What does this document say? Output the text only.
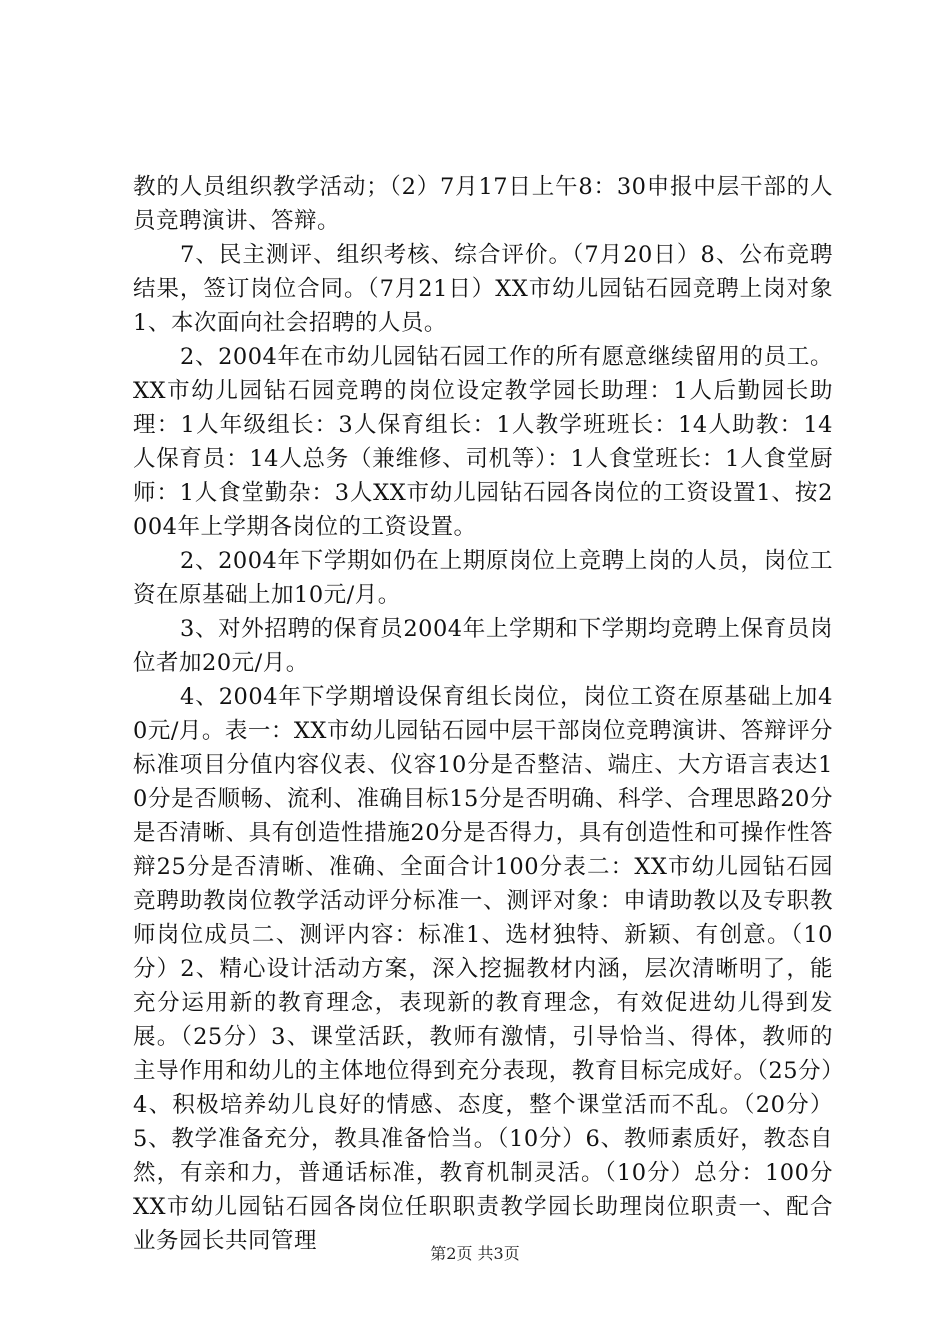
教的人员组织教学活动；（2）7月17日上午8：30申报中层干部的人员竞聘演讲、答辩。

7、民主测评、组织考核、综合评价。（7月20日）8、公布竞聘结果，签订岗位合同。（7月21日）XX市幼儿园钻石园竞聘上岗对象1、本次面向社会招聘的人员。

2、2004年在市幼儿园钻石园工作的所有愿意继续留用的员工。XX市幼儿园钻石园竞聘的岗位设定教学园长助理：1人后勤园长助理：1人年级组长：3人保育组长：1人教学班班长：14人助教：14人保育员：14人总务（兼维修、司机等）：1人食堂班长：1人食堂厨师：1人食堂勤杂：3人XX市幼儿园钻石园各岗位的工资设置1、按2004年上学期各岗位的工资设置。

2、2004年下学期如仍在上期原岗位上竞聘上岗的人员，岗位工资在原基础上加10元/月。

3、对外招聘的保育员2004年上学期和下学期均竞聘上保育员岗位者加20元/月。

4、2004年下学期增设保育组长岗位，岗位工资在原基础上加40元/月。表一：XX市幼儿园钻石园中层干部岗位竞聘演讲、答辩评分标准项目分值内容仪表、仪容10分是否整洁、端庄、大方语言表达10分是否顺畅、流利、准确目标15分是否明确、科学、合理思路20分是否清晰、具有创造性措施20分是否得力，具有创造性和可操作性答辩25分是否清晰、准确、全面合计100分表二：XX市幼儿园钻石园竞聘助教岗位教学活动评分标准一、测评对象：申请助教以及专职教师岗位成员二、测评内容：标准1、选材独特、新颖、有创意。（10分）2、精心设计活动方案，深入挖掘教材内涵，层次清晰明了，能充分运用新的教育理念，表现新的教育理念，有效促进幼儿得到发展。（25分）3、课堂活跃，教师有激情，引导恰当、得体，教师的主导作用和幼儿的主体地位得到充分表现，教育目标完成好。（25分）4、积极培养幼儿良好的情感、态度，整个课堂活而不乱。（20分）5、教学准备充分，教具准备恰当。（10分）6、教师素质好，教态自然，有亲和力，普通话标准，教育机制灵活。（10分）总分：100分XX市幼儿园钻石园各岗位任职职责教学园长助理岗位职责一、配合业务园长共同管理	第2页 共3页
